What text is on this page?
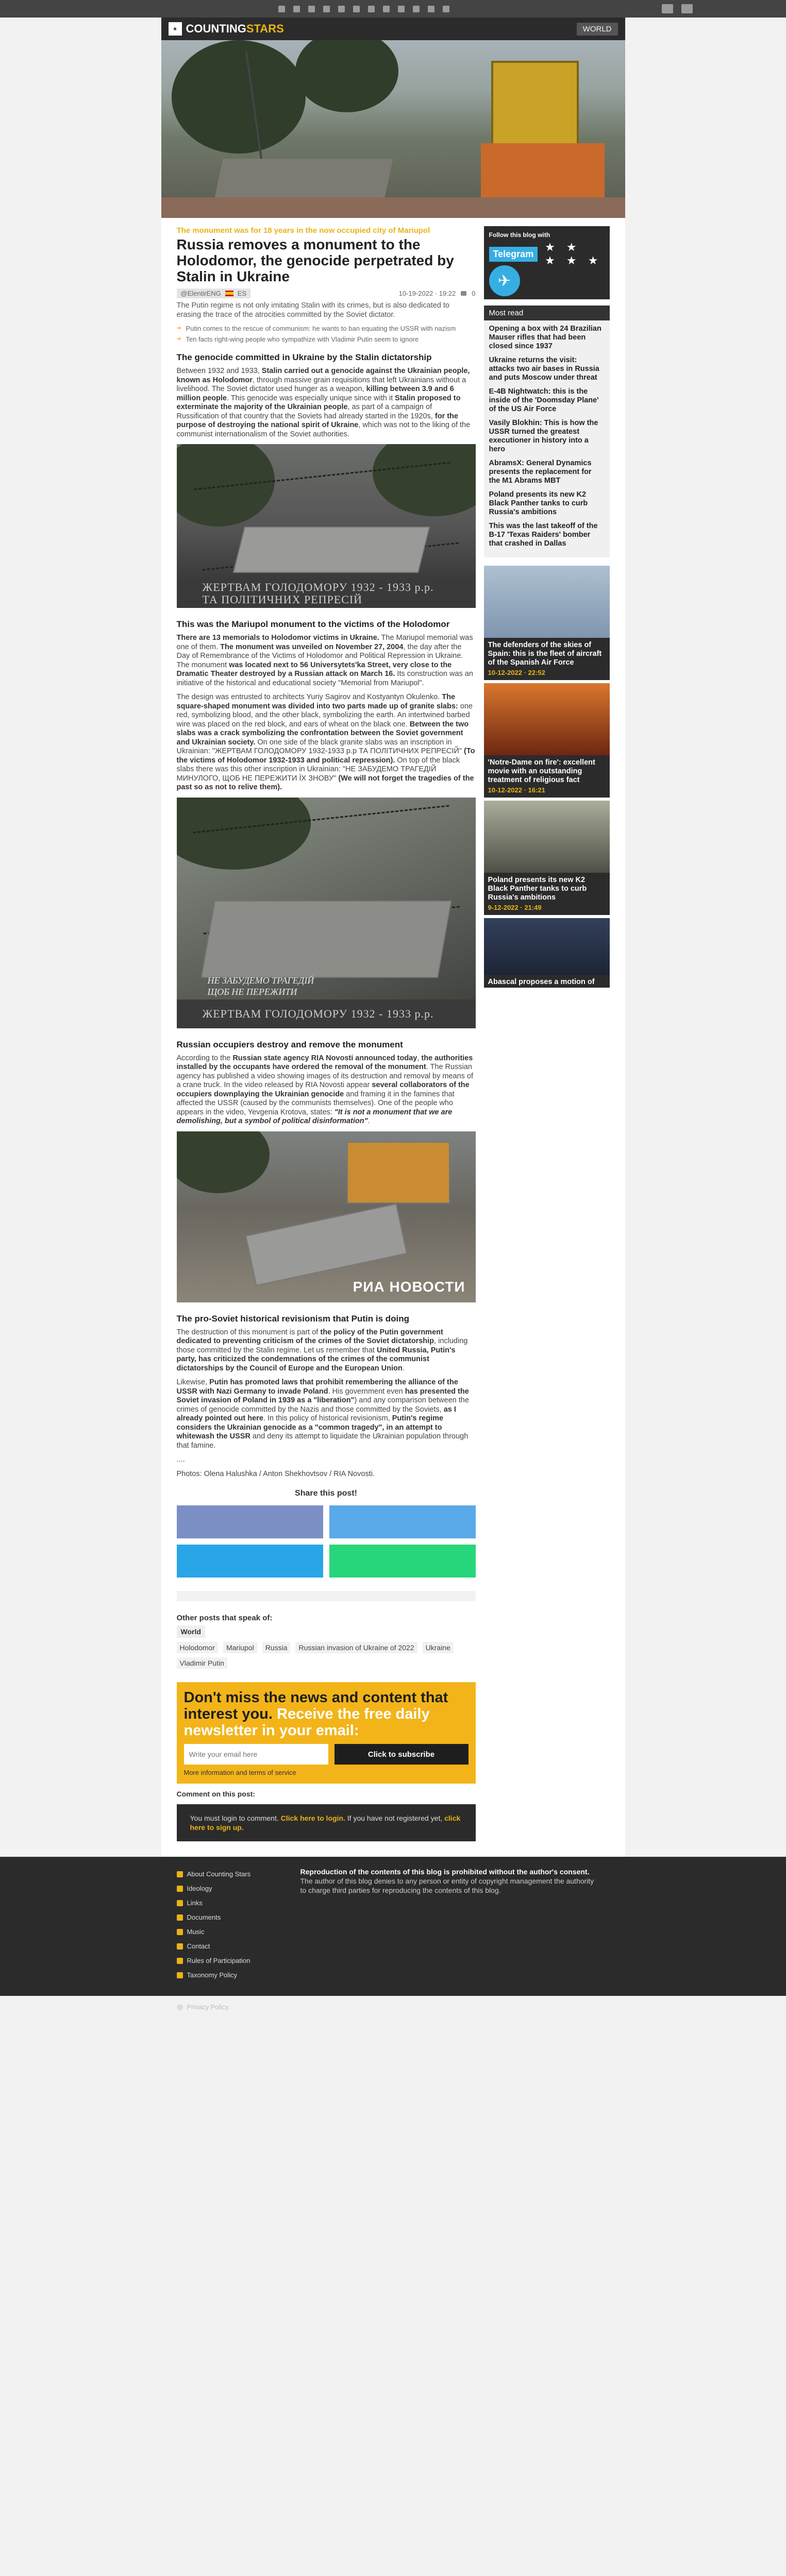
⋆ COUNTINGSTARS	WORLD
The monument was for 18 years in the now occupied city of Mariupol
Russia removes a monument to the Holodomor, the genocide perpetrated by Stalin in Ukraine
@ElentirENG ES	10-19-2022 · 19:22 0

The Putin regime is not only imitating Stalin with its crimes, but is also dedicated to erasing the trace of the atrocities committed by the Soviet dictator.

➜ Putin comes to the rescue of communism: he wants to ban equating the USSR with nazism
➜ Ten facts right-wing people who sympathize with Vladimir Putin seem to ignore
The genocide committed in Ukraine by the Stalin dictatorship

Between 1932 and 1933, Stalin carried out a genocide against the Ukrainian people, known as Holodomor, through massive grain requisitions that left Ukrainians without a livelihood. The Soviet dictator used hunger as a weapon, killing between 3.9 and 6 million people. This genocide was especially unique since with it Stalin proposed to exterminate the majority of the Ukrainian people, as part of a campaign of Russification of that country that the Soviets had already started in the 1920s, for the purpose of destroying the national spirit of Ukraine, which was not to the liking of the communist internationalism of the Soviet authorities.

ЖЕРТВАМ ГОЛОДОМОРУ 1932 - 1933 р.р.
ТА ПОЛІТИЧНИХ РЕПРЕСІЙ
This was the Mariupol monument to the victims of the Holodomor

There are 13 memorials to Holodomor victims in Ukraine. The Mariupol memorial was one of them. The monument was unveiled on November 27, 2004, the day after the Day of Remembrance of the Victims of Holodomor and Political Repression in Ukraine. The monument was located next to 56 Universytets'ka Street, very close to the Dramatic Theater destroyed by a Russian attack on March 16. Its construction was an initiative of the historical and educational society "Memorial from Mariupol".

The design was entrusted to architects Yuriy Sagirov and Kostyantyn Okulenko. The square-shaped monument was divided into two parts made up of granite slabs: one red, symbolizing blood, and the other black, symbolizing the earth. An intertwined barbed wire was placed on the red block, and ears of wheat on the black one. Between the two slabs was a crack symbolizing the confrontation between the Soviet government and Ukrainian society. On one side of the black granite slabs was an inscription in Ukrainian: "ЖЕРТВАМ ГОЛОДОМОРУ 1932-1933 р.р ТА ПОЛІТИЧНИХ РЕПРЕСІЙ" (To the victims of Holodomor 1932-1933 and political repression). On top of the black slabs there was this other inscription in Ukrainian: "НЕ ЗАБУДЕМО ТРАГЕДІЙ МИНУЛОГО, ЩОБ НЕ ПЕРЕЖИТИ ЇХ ЗНОВУ" (We will not forget the tragedies of the past so as not to relive them).

НЕ ЗАБУДЕМО ТРАГЕДІЙ
ЩОБ НЕ ПЕРЕЖИТИ
ЖЕРТВАМ ГОЛОДОМОРУ 1932 - 1933 р.р.
Russian occupiers destroy and remove the monument

According to the Russian state agency RIA Novosti announced today, the authorities installed by the occupants have ordered the removal of the monument. The Russian agency has published a video showing images of its destruction and removal by means of a crane truck. In the video released by RIA Novosti appear several collaborators of the occupiers downplaying the Ukrainian genocide and framing it in the famines that affected the USSR (caused by the communists themselves). One of the people who appears in the video, Yevgenia Krotova, states: "It is not a monument that we are demolishing, but a symbol of political disinformation".

РИА НОВОСТИ
The pro-Soviet historical revisionism that Putin is doing

The destruction of this monument is part of the policy of the Putin government dedicated to preventing criticism of the crimes of the Soviet dictatorship, including those committed by the Stalin regime. Let us remember that United Russia, Putin's party, has criticized the condemnations of the crimes of the communist dictatorships by the Council of Europe and the European Union.

Likewise, Putin has promoted laws that prohibit remembering the alliance of the USSR with Nazi Germany to invade Poland. His government even has presented the Soviet invasion of Poland in 1939 as a "liberation") and any comparison between the crimes of genocide committed by the Nazis and those committed by the Soviets, as I already pointed out here. In this policy of historical revisionism, Putin's regime considers the Ukrainian genocide as a "common tragedy", in an attempt to whitewash the USSR and deny its attempt to liquidate the Ukrainian population through that famine.

....

Photos: Olena Halushka / Anton Shekhovtsov / RIA Novosti.

Share this post!
Other posts that speak of:
World
Holodomor	Mariupol	Russia	Russian invasion of Ukraine of 2022	Ukraine
Vladimir Putin
Don't miss the news and content that interest you. Receive the free daily newsletter in your email:
Write your email here
Click to subscribe
More information and terms of service
Comment on this post:
You must login to comment. Click here to login. If you have not registered yet, click here to sign up.
Follow this blog with
Telegram
✈
★ ★
★ ★ ★
Most read
Opening a box with 24 Brazilian Mauser rifles that had been closed since 1937
Ukraine returns the visit: attacks two air bases in Russia and puts Moscow under threat
E-4B Nightwatch: this is the inside of the 'Doomsday Plane' of the US Air Force
Vasily Blokhin: This is how the USSR turned the greatest executioner in history into a hero
AbramsX: General Dynamics presents the replacement for the M1 Abrams MBT
Poland presents its new K2 Black Panther tanks to curb Russia's ambitions
This was the last takeoff of the B-17 'Texas Raiders' bomber that crashed in Dallas
The defenders of the skies of Spain: this is the fleet of aircraft of the Spanish Air Force
10-12-2022 · 22:52
'Notre-Dame on fire': excellent movie with an outstanding treatment of religious fact
10-12-2022 · 16:21
Poland presents its new K2 Black Panther tanks to curb Russia's ambitions
9-12-2022 · 21:49
Abascal proposes a motion of
About Counting Stars
Ideology
Links
Documents
Music
Contact
Rules of Participation
Taxonomy Policy
Reproduction of the contents of this blog is prohibited without the author's consent. The author of this blog denies to any person or entity of copyright management the authority to charge third parties for reproducing the contents of this blog.
Privacy Policy
